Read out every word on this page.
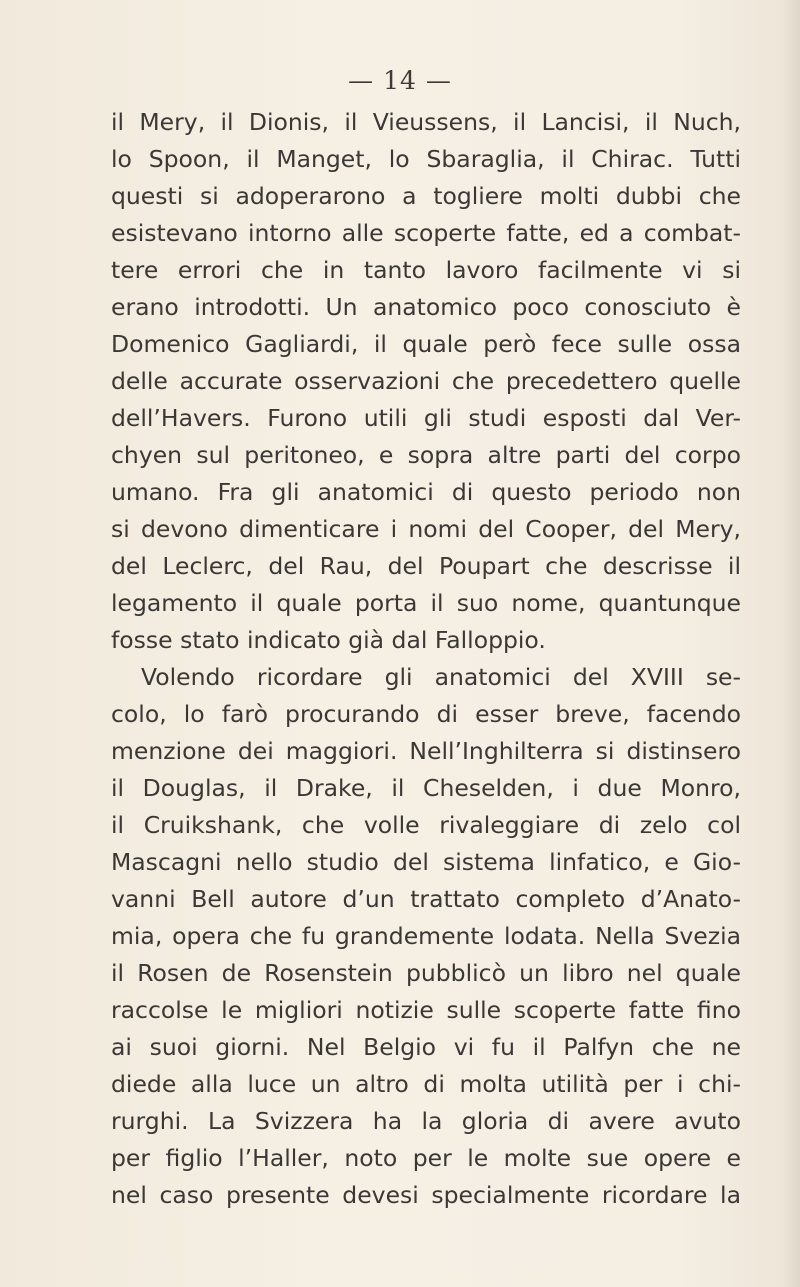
— 14 —
il Mery, il Dionis, il Vieussens, il Lancisi, il Nuch,
lo Spoon, il Manget, lo Sbaraglia, il Chirac. Tutti
questi si adoperarono a togliere molti dubbi che
esistevano intorno alle scoperte fatte, ed a combat-
tere errori che in tanto lavoro facilmente vi si
erano introdotti. Un anatomico poco conosciuto è
Domenico Gagliardi, il quale però fece sulle ossa
delle accurate osservazioni che precedettero quelle
dell’Havers. Furono utili gli studi esposti dal Ver-
chyen sul peritoneo, e sopra altre parti del corpo
umano. Fra gli anatomici di questo periodo non
si devono dimenticare i nomi del Cooper, del Mery,
del Leclerc, del Rau, del Poupart che descrisse il
legamento il quale porta il suo nome, quantunque
fosse stato indicato già dal Falloppio.
Volendo ricordare gli anatomici del XVIII se-
colo, lo farò procurando di esser breve, facendo
menzione dei maggiori. Nell’Inghilterra si distinsero
il Douglas, il Drake, il Cheselden, i due Monro,
il Cruikshank, che volle rivaleggiare di zelo col
Mascagni nello studio del sistema linfatico, e Gio-
vanni Bell autore d’un trattato completo d’Anato-
mia, opera che fu grandemente lodata. Nella Svezia
il Rosen de Rosenstein pubblicò un libro nel quale
raccolse le migliori notizie sulle scoperte fatte fino
ai suoi giorni. Nel Belgio vi fu il Palfyn che ne
diede alla luce un altro di molta utilità per i chi-
rurghi. La Svizzera ha la gloria di avere avuto
per figlio l’Haller, noto per le molte sue opere e
nel caso presente devesi specialmente ricordare la
